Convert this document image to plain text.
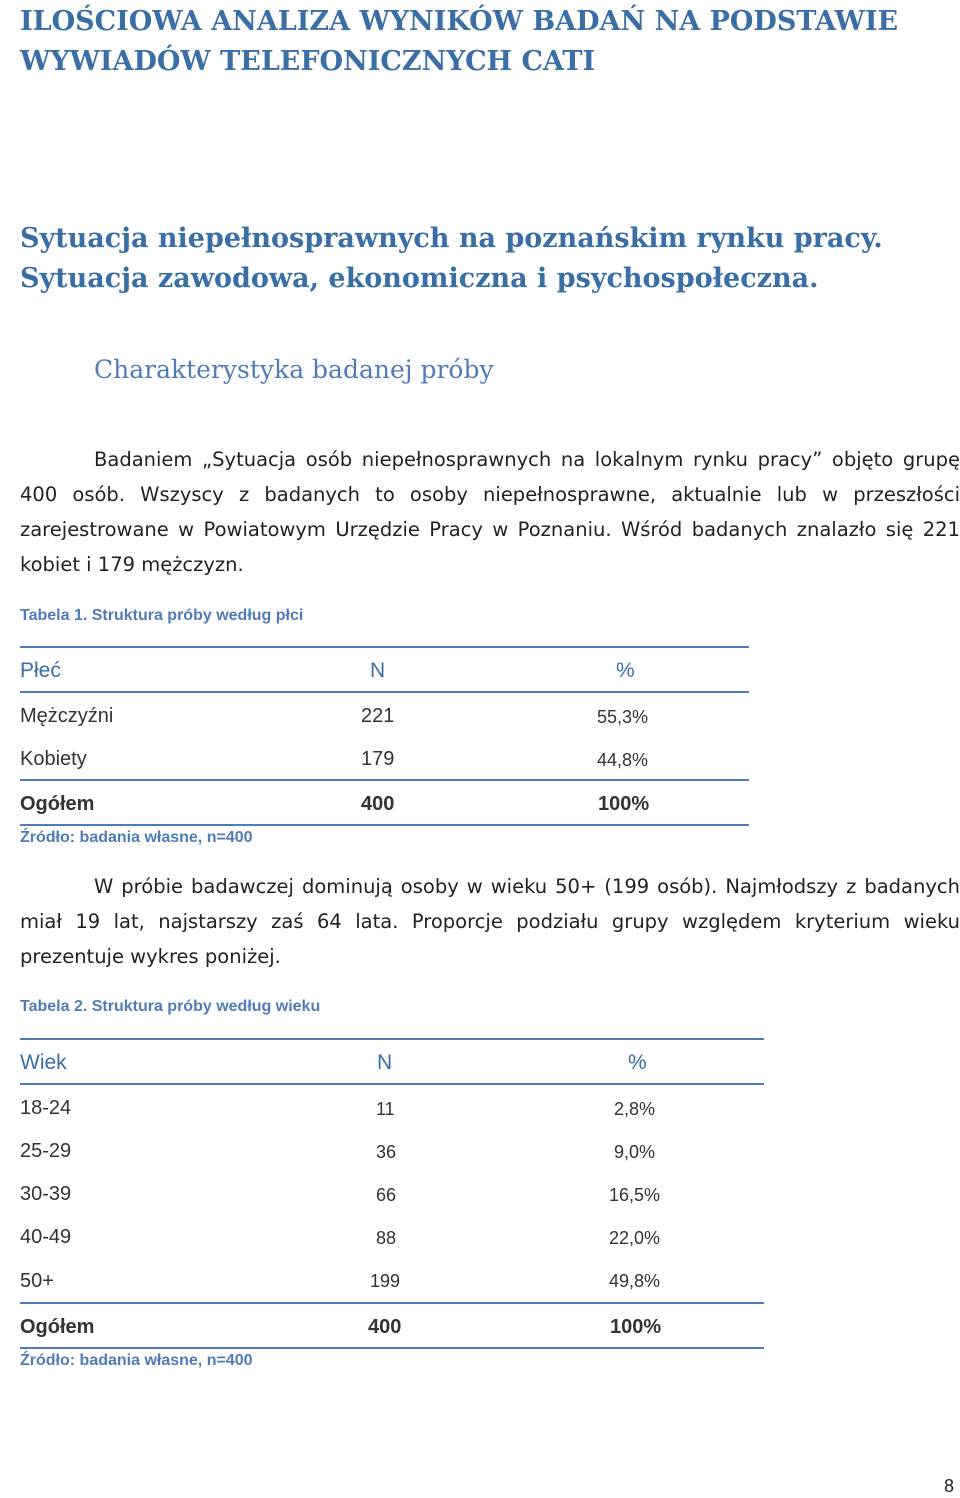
ILOŚCIOWA ANALIZA WYNIKÓW BADAŃ NA PODSTAWIE WYWIADÓW TELEFONICZNYCH CATI
Sytuacja niepełnosprawnych na poznańskim rynku pracy. Sytuacja zawodowa, ekonomiczna i psychospołeczna.
Charakterystyka badanej próby

Badaniem „Sytuacja osób niepełnosprawnych na lokalnym rynku pracy” objęto grupę 400 osób. Wszyscy z badanych to osoby niepełnosprawne, aktualnie lub w przeszłości zarejestrowane w Powiatowym Urzędzie Pracy w Poznaniu. Wśród badanych znalazło się 221 kobiet i 179 mężczyzn.

Tabela 1. Struktura próby według płci
Płeć	N	%
Mężczyźni	221	55,3%
Kobiety	179	44,8%
Ogółem	400	100%
Źródło: badania własne, n=400

W próbie badawczej dominują osoby w wieku 50+ (199 osób). Najmłodszy z badanych miał 19 lat, najstarszy zaś 64 lata. Proporcje podziału grupy względem kryterium wieku prezentuje wykres poniżej.

Tabela 2. Struktura próby według wieku
Wiek	N	%
18-24	11	2,8%
25-29	36	9,0%
30-39	66	16,5%
40-49	88	22,0%
50+	199	49,8%
Ogółem	400	100%
Źródło: badania własne, n=400
8
